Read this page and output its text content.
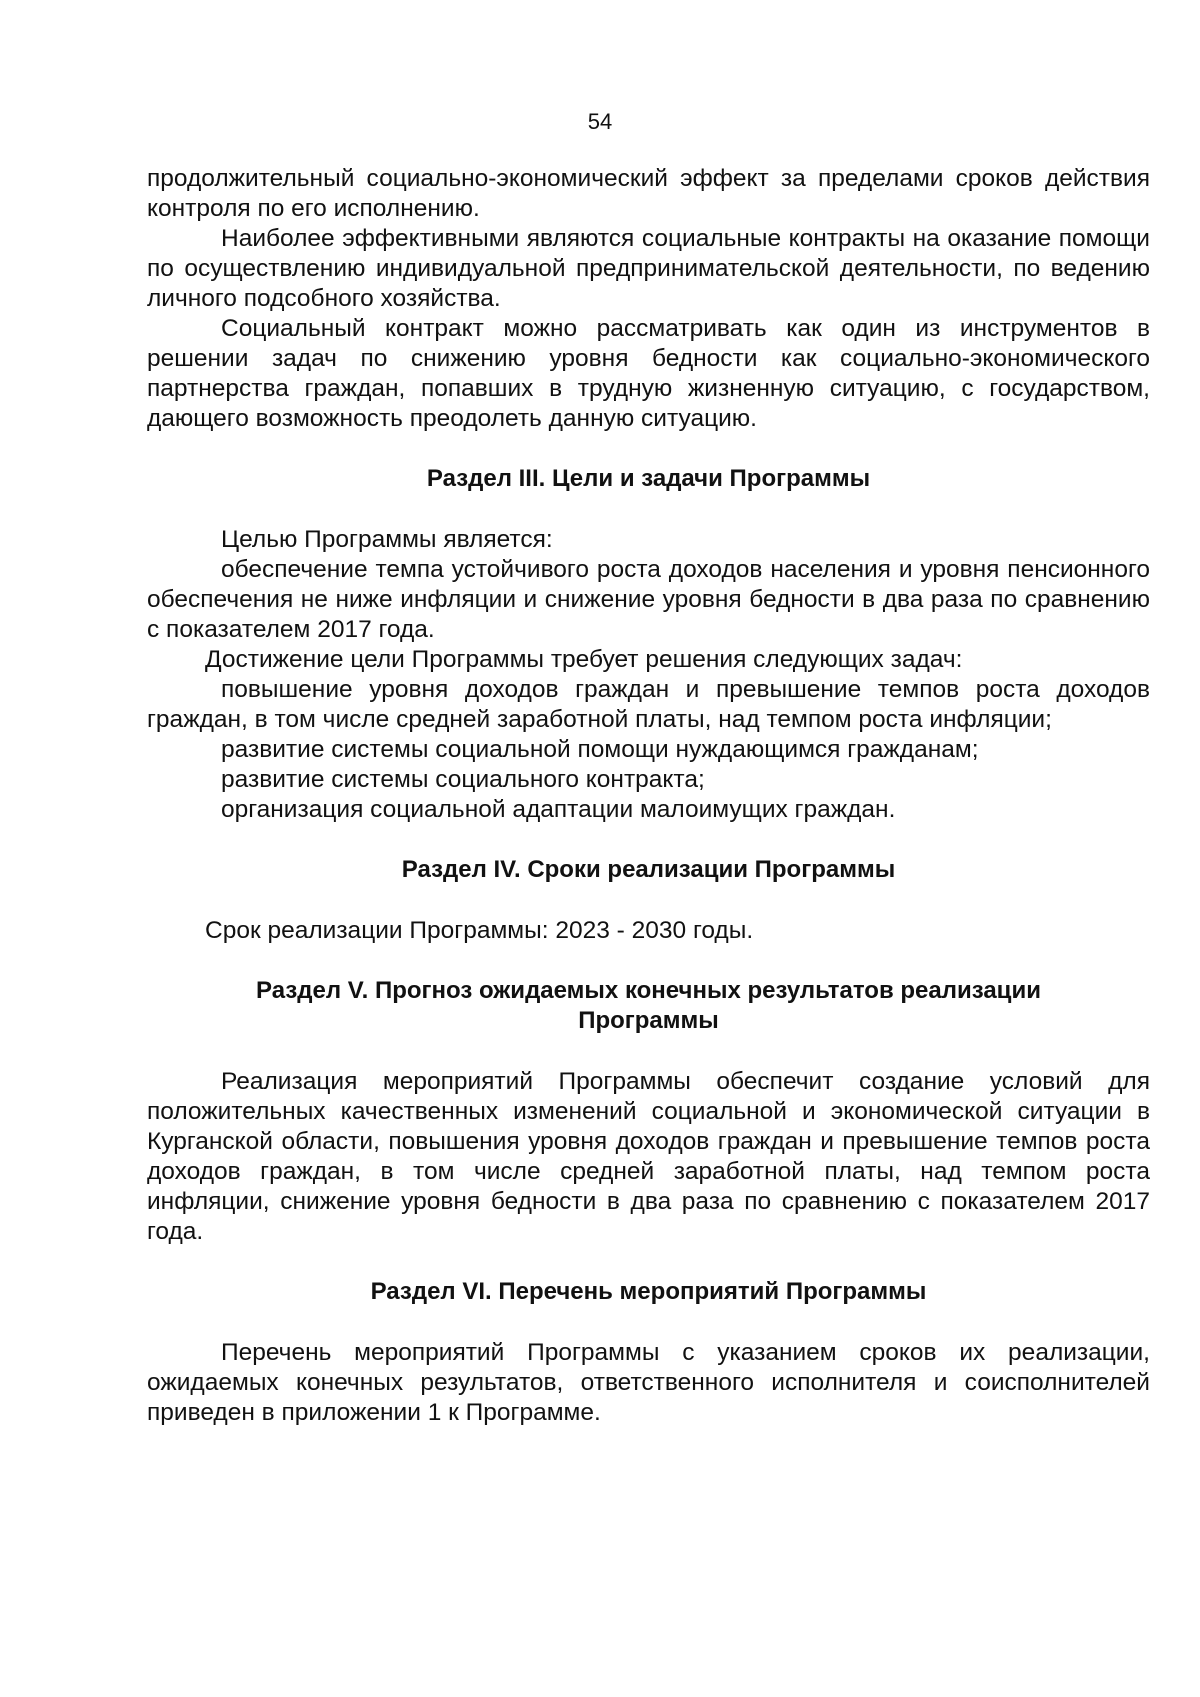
54

продолжительный социально-экономический эффект за пределами сроков действия контроля по его исполнению.

Наиболее эффективными являются социальные контракты на оказание помощи по осуществлению индивидуальной предпринимательской деятельности, по ведению личного подсобного хозяйства.

Социальный контракт можно рассматривать как один из инструментов в решении задач по снижению уровня бедности как социально-экономического партнерства граждан, попавших в трудную жизненную ситуацию, с государством, дающего возможность преодолеть данную ситуацию.

Раздел III. Цели и задачи Программы

Целью Программы является:

обеспечение темпа устойчивого роста доходов населения и уровня пенсионного обеспечения не ниже инфляции и снижение уровня бедности в два раза по сравнению с показателем 2017 года.

Достижение цели Программы требует решения следующих задач:

повышение уровня доходов граждан и превышение темпов роста доходов граждан, в том числе средней заработной платы, над темпом роста инфляции;

развитие системы социальной помощи нуждающимся гражданам;

развитие системы социального контракта;

организация социальной адаптации малоимущих граждан.

Раздел IV. Сроки реализации Программы

Срок реализации Программы: 2023 - 2030 годы.

Раздел V. Прогноз ожидаемых конечных результатов реализации
Программы

Реализация мероприятий Программы обеспечит создание условий для положительных качественных изменений социальной и экономической ситуации в Курганской области, повышения уровня доходов граждан и превышение темпов роста доходов граждан, в том числе средней заработной платы, над темпом роста инфляции, снижение уровня бедности в два раза по сравнению с показателем 2017 года.

Раздел VI. Перечень мероприятий Программы

Перечень мероприятий Программы с указанием сроков их реализации, ожидаемых конечных результатов, ответственного исполнителя и соисполнителей приведен в приложении 1 к Программе.
